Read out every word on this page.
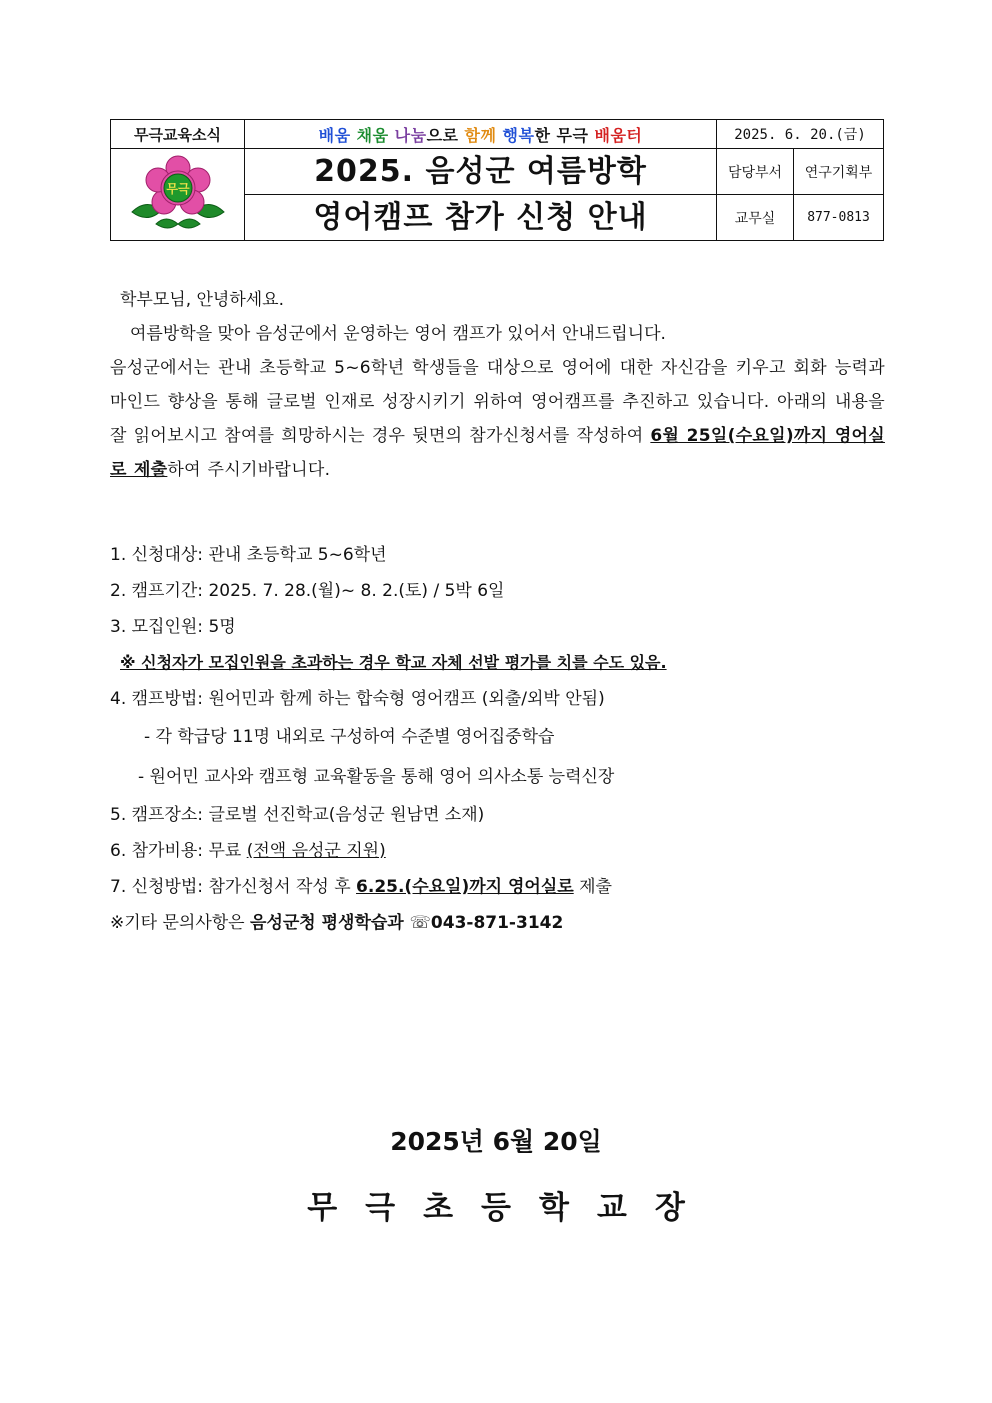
무극교육소식	배움 채움 나눔으로 함께 행복한 무극 배움터	2025. 6. 20.(금)	

무극	2025. 음성군 여름방학	담당부서	연구기획부
	영어캠프 참가 신청 안내	교무실	877-0813

학부모님, 안녕하세요.

여름방학을 맞아 음성군에서 운영하는 영어 캠프가 있어서 안내드립니다.

음성군에서는 관내 초등학교 5~6학년 학생들을 대상으로 영어에 대한 자신감을 키우고 회화 능력과 마인드 향상을 통해 글로벌 인재로 성장시키기 위하여 영어캠프를 추진하고 있습니다. 아래의 내용을 잘 읽어보시고 참여를 희망하시는 경우 뒷면의 참가신청서를 작성하여 6월 25일(수요일)까지 영어실로 제출하여 주시기바랍니다.

1. 신청대상: 관내 초등학교 5~6학년
2. 캠프기간: 2025. 7. 28.(월)~ 8. 2.(토) / 5박 6일
3. 모집인원: 5명
※ 신청자가 모집인원을 초과하는 경우 학교 자체 선발 평가를 치를 수도 있음.
4. 캠프방법: 원어민과 함께 하는 합숙형 영어캠프 (외출/외박 안됨)
- 각 학급당 11명 내외로 구성하여 수준별 영어집중학습
- 원어민 교사와 캠프형 교육활동을 통해 영어 의사소통 능력신장
5. 캠프장소: 글로벌 선진학교(음성군 원남면 소재)
6. 참가비용: 무료 (전액 음성군 지원)
7. 신청방법: 참가신청서 작성 후 6.25.(수요일)까지 영어실로 제출
※기타 문의사항은 음성군청 평생학습과 ☏043-871-3142
2025년 6월 20일
무극초등학교장
